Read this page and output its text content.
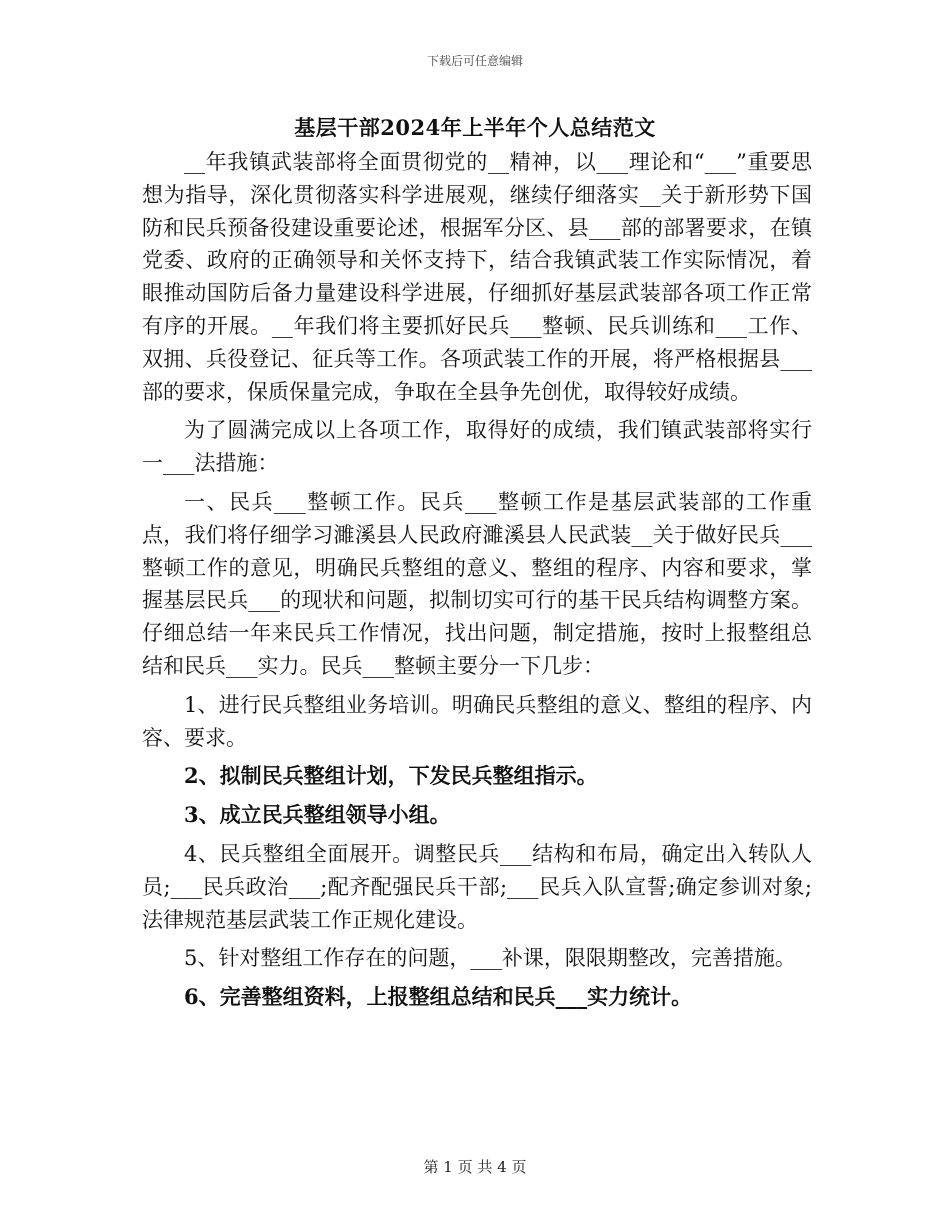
下载后可任意编辑
基层干部2024年上半年个人总结范文

__年我镇武装部将全面贯彻党的__精神，以___理论和“___”重要思想为指导，深化贯彻落实科学进展观，继续仔细落实__关于新形势下国防和民兵预备役建设重要论述，根据军分区、县___部的部署要求，在镇党委、政府的正确领导和关怀支持下，结合我镇武装工作实际情况，着眼推动国防后备力量建设科学进展，仔细抓好基层武装部各项工作正常有序的开展。__年我们将主要抓好民兵___整顿、民兵训练和___工作、双拥、兵役登记、征兵等工作。各项武装工作的开展，将严格根据县___部的要求，保质保量完成，争取在全县争先创优，取得较好成绩。

为了圆满完成以上各项工作，取得好的成绩，我们镇武装部将实行一___法措施：

一、民兵___整顿工作。民兵___整顿工作是基层武装部的工作重点，我们将仔细学习濉溪县人民政府濉溪县人民武装__关于做好民兵___整顿工作的意见，明确民兵整组的意义、整组的程序、内容和要求，掌握基层民兵___的现状和问题，拟制切实可行的基干民兵结构调整方案。仔细总结一年来民兵工作情况，找出问题，制定措施，按时上报整组总结和民兵___实力。民兵___整顿主要分一下几步：

1、进行民兵整组业务培训。明确民兵整组的意义、整组的程序、内容、要求。

2、拟制民兵整组计划，下发民兵整组指示。

3、成立民兵整组领导小组。

4、民兵整组全面展开。调整民兵___结构和布局，确定出入转队人员;___民兵政治___;配齐配强民兵干部;___民兵入队宣誓;确定参训对象;法律规范基层武装工作正规化建设。

5、针对整组工作存在的问题，___补课，限限期整改，完善措施。

6、完善整组资料，上报整组总结和民兵___实力统计。

第 1 页 共 4 页
